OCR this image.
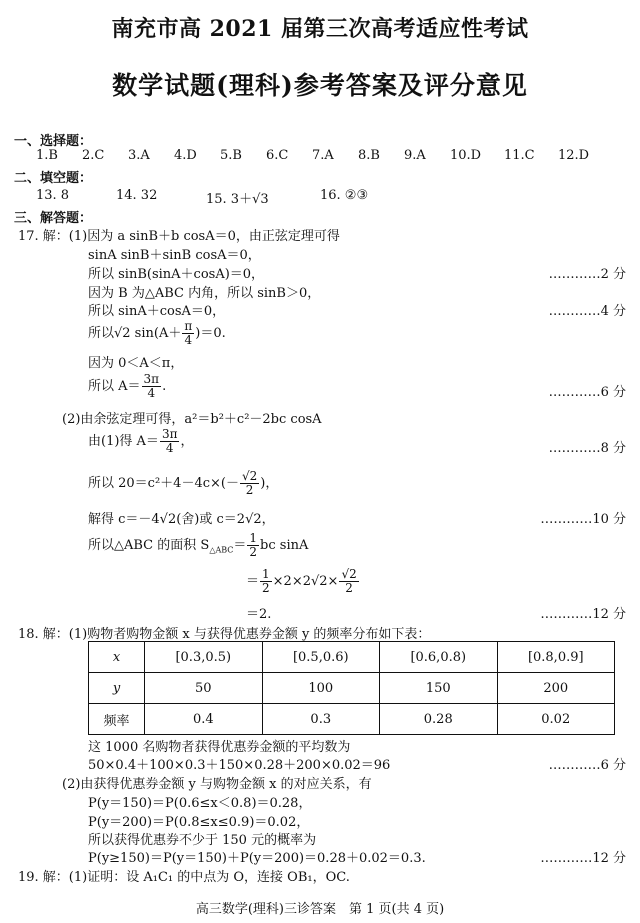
南充市高 2021 届第三次高考适应性考试
数学试题(理科)参考答案及评分意见
一、选择题：
1.B 2.C 3.A 4.D 5.B 6.C 7.A 8.B 9.A 10.D 11.C 12.D
二、填空题：
13. 8	14. 32	15. 3＋√3	16. ②③
三、解答题：
17. 解：(1)因为 a sinB＋b cosA＝0，由正弦定理可得
sinA sinB＋sinB cosA＝0，
所以 sinB(sinA＋cosA)＝0，	…………2 分
因为 B 为△ABC 内角，所以 sinB＞0，
所以 sinA＋cosA＝0，	…………4 分
所以√2 $\sin(A+ \frac{\pi}{4} )=0$.
因为 0＜A＜π，
所以 $A= \frac{3\pi}{4}$ .	…………6 分
(2)由余弦定理可得，a²＝b²＋c²－2bc cosA
由(1)得 $A= \frac{3\pi}{4}$ ，	…………8 分
所以 $20=c^2+4-4c\times(- \frac{√2}{2}$ )，
解得 c＝－4√2(舍)或 c＝2√2，	…………10 分
所以△ABC 的面积 $S_{\triangle ABC}= \frac{1}{2}$ bc sinA
＝ $\frac{1}{2} \times 2\times 2√2\times \frac{√2}{2}$
＝2.	…………12 分
18. 解：(1)购物者购物金额 x 与获得优惠券金额 y 的频率分布如下表：
x	[0.3,0.5)	[0.5,0.6)	[0.6,0.8)	[0.8,0.9]
y	50	100	150	200
频率	0.4	0.3	0.28	0.02
这 1000 名购物者获得优惠券金额的平均数为
50×0.4＋100×0.3＋150×0.28＋200×0.02＝96	…………6 分
(2)由获得优惠券金额 y 与购物金额 x 的对应关系，有
P(y＝150)＝P(0.6≤x＜0.8)＝0.28，
P(y＝200)＝P(0.8≤x≤0.9)＝0.02，
所以获得优惠券不少于 150 元的概率为
P(y≥150)＝P(y＝150)＋P(y＝200)＝0.28＋0.02＝0.3.	…………12 分
19. 解：(1)证明：设 A₁C₁ 的中点为 O，连接 OB₁，OC.
高三数学(理科)三诊答案　第 1 页(共 4 页)
